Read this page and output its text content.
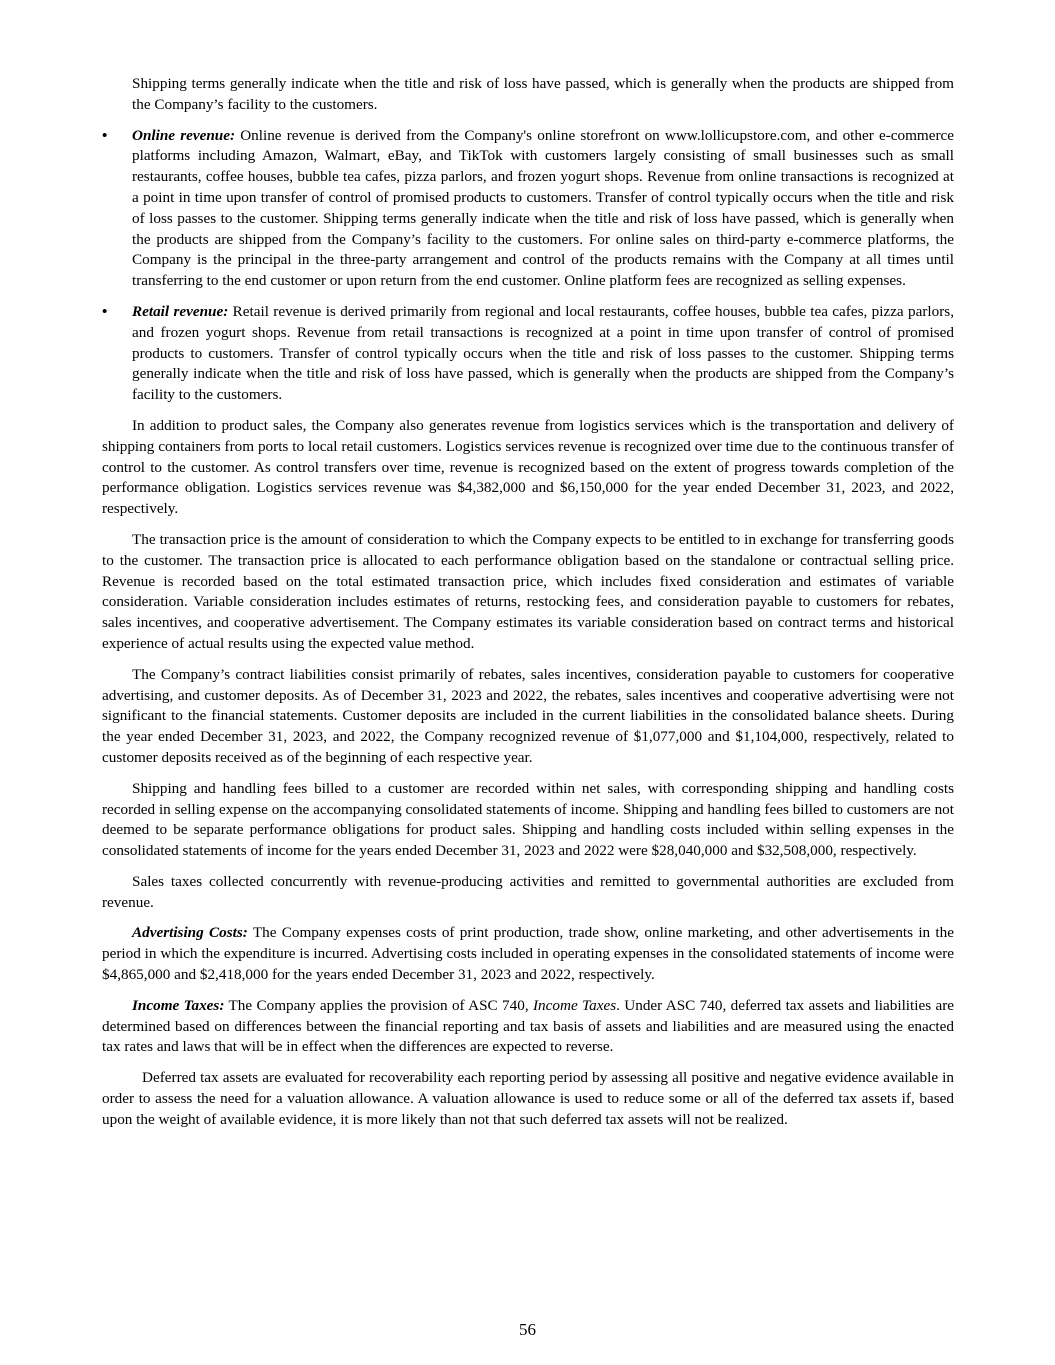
Shipping terms generally indicate when the title and risk of loss have passed, which is generally when the products are shipped from the Company’s facility to the customers.

• Online revenue: Online revenue is derived from the Company's online storefront on www.lollicupstore.com, and other e-commerce platforms including Amazon, Walmart, eBay, and TikTok with customers largely consisting of small businesses such as small restaurants, coffee houses, bubble tea cafes, pizza parlors, and frozen yogurt shops. Revenue from online transactions is recognized at a point in time upon transfer of control of promised products to customers. Transfer of control typically occurs when the title and risk of loss passes to the customer. Shipping terms generally indicate when the title and risk of loss have passed, which is generally when the products are shipped from the Company’s facility to the customers. For online sales on third-party e-commerce platforms, the Company is the principal in the three-party arrangement and control of the products remains with the Company at all times until transferring to the end customer or upon return from the end customer. Online platform fees are recognized as selling expenses.

• Retail revenue: Retail revenue is derived primarily from regional and local restaurants, coffee houses, bubble tea cafes, pizza parlors, and frozen yogurt shops. Revenue from retail transactions is recognized at a point in time upon transfer of control of promised products to customers. Transfer of control typically occurs when the title and risk of loss passes to the customer. Shipping terms generally indicate when the title and risk of loss have passed, which is generally when the products are shipped from the Company’s facility to the customers.

In addition to product sales, the Company also generates revenue from logistics services which is the transportation and delivery of shipping containers from ports to local retail customers. Logistics services revenue is recognized over time due to the continuous transfer of control to the customer. As control transfers over time, revenue is recognized based on the extent of progress towards completion of the performance obligation. Logistics services revenue was $4,382,000 and $6,150,000 for the year ended December 31, 2023, and 2022, respectively.

The transaction price is the amount of consideration to which the Company expects to be entitled to in exchange for transferring goods to the customer. The transaction price is allocated to each performance obligation based on the standalone or contractual selling price. Revenue is recorded based on the total estimated transaction price, which includes fixed consideration and estimates of variable consideration. Variable consideration includes estimates of returns, restocking fees, and consideration payable to customers for rebates, sales incentives, and cooperative advertisement. The Company estimates its variable consideration based on contract terms and historical experience of actual results using the expected value method.

The Company’s contract liabilities consist primarily of rebates, sales incentives, consideration payable to customers for cooperative advertising, and customer deposits. As of December 31, 2023 and 2022, the rebates, sales incentives and cooperative advertising were not significant to the financial statements. Customer deposits are included in the current liabilities in the consolidated balance sheets. During the year ended December 31, 2023, and 2022, the Company recognized revenue of $1,077,000 and $1,104,000, respectively, related to customer deposits received as of the beginning of each respective year.

Shipping and handling fees billed to a customer are recorded within net sales, with corresponding shipping and handling costs recorded in selling expense on the accompanying consolidated statements of income. Shipping and handling fees billed to customers are not deemed to be separate performance obligations for product sales. Shipping and handling costs included within selling expenses in the consolidated statements of income for the years ended December 31, 2023 and 2022 were $28,040,000 and $32,508,000, respectively.

Sales taxes collected concurrently with revenue-producing activities and remitted to governmental authorities are excluded from revenue.

Advertising Costs: The Company expenses costs of print production, trade show, online marketing, and other advertisements in the period in which the expenditure is incurred. Advertising costs included in operating expenses in the consolidated statements of income were $4,865,000 and $2,418,000 for the years ended December 31, 2023 and 2022, respectively.

Income Taxes: The Company applies the provision of ASC 740, Income Taxes. Under ASC 740, deferred tax assets and liabilities are determined based on differences between the financial reporting and tax basis of assets and liabilities and are measured using the enacted tax rates and laws that will be in effect when the differences are expected to reverse.

Deferred tax assets are evaluated for recoverability each reporting period by assessing all positive and negative evidence available in order to assess the need for a valuation allowance. A valuation allowance is used to reduce some or all of the deferred tax assets if, based upon the weight of available evidence, it is more likely than not that such deferred tax assets will not be realized.

56
